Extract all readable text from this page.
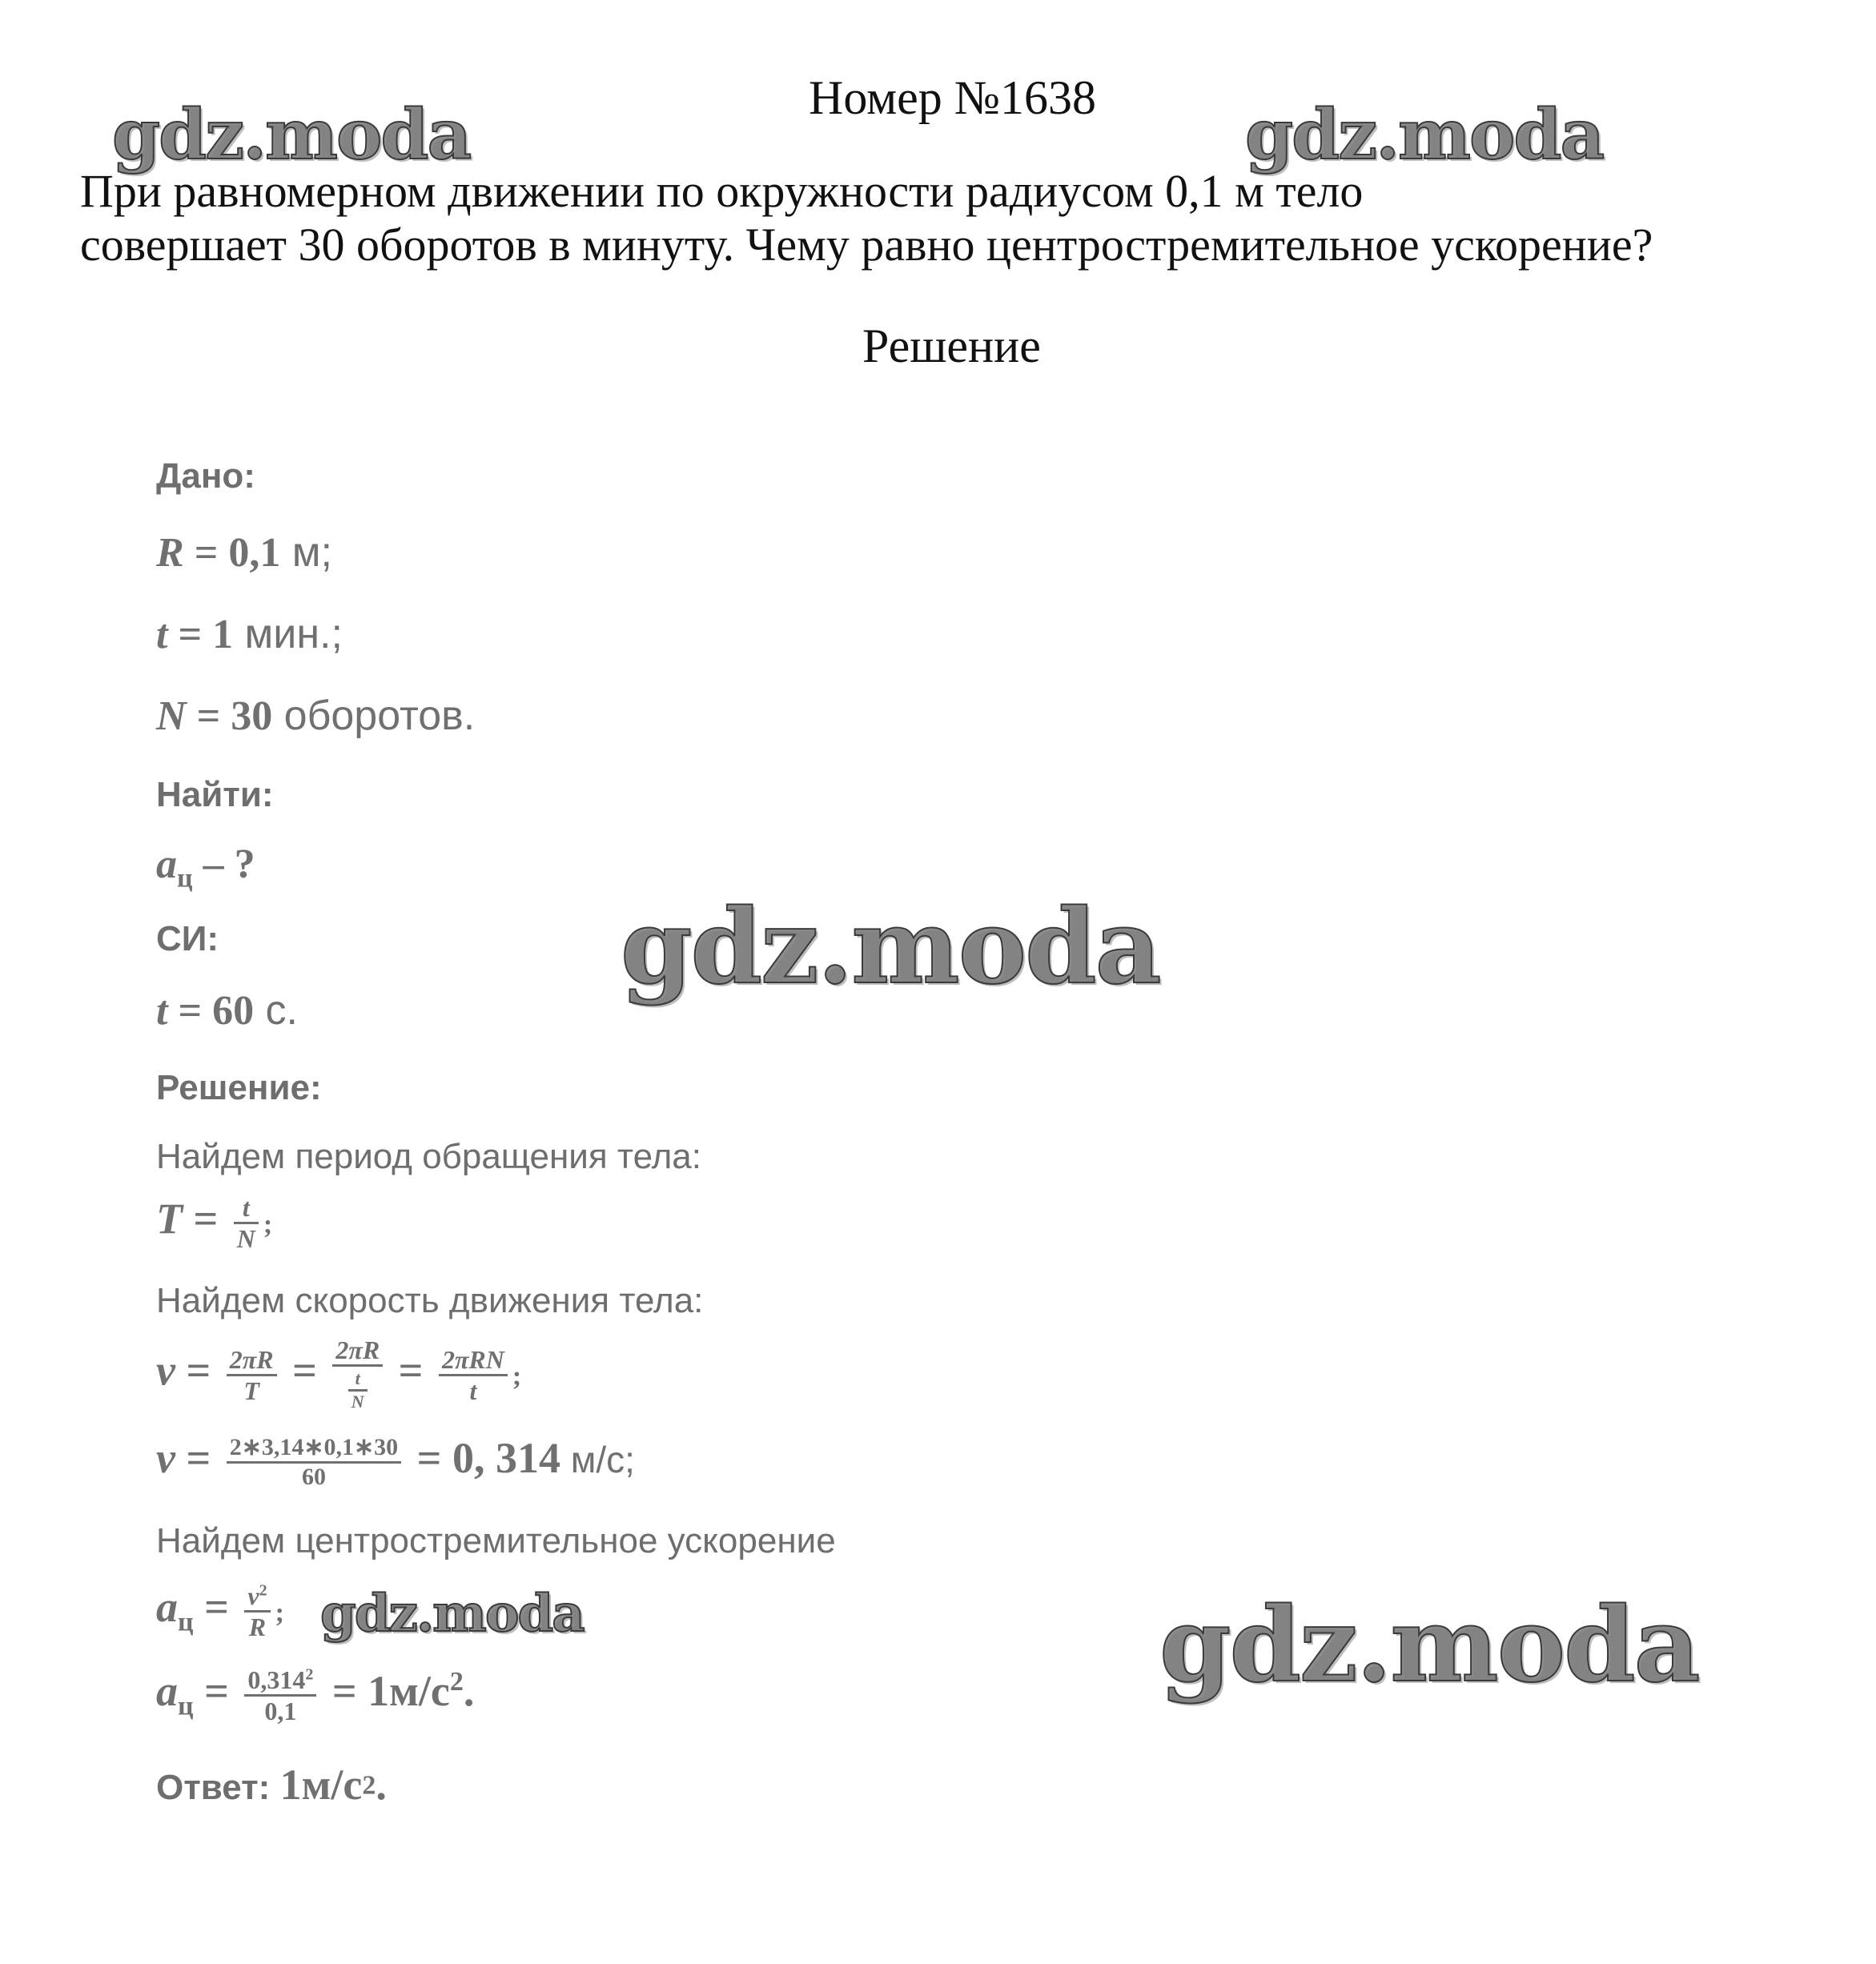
Номер №1638
При равномерном движении по окружности радиусом 0,1 м тело
совершает 30 оборотов в минуту. Чему равно центростремительное ускорение?
Решение
Дано:
R = 0,1 м;
t = 1 мин.;
N = 30 оборотов.
Найти:
$a_ц$ – ?
СИ:
t = 60 с.
Решение:
Найдем период обращения тела:
$T = \frac{t}{N}$ ;
Найдем скорость движения тела:
$v = \frac{2\pi R}{T} = \frac{2\pi R}{\frac{t}{N}} = \frac{\text{2πRN}}{t}$ ;
$v = \frac{2∗3,14∗0,1∗30}{60} = 0$, 314 м/с;
Найдем центростремительное ускорение
$a_ц = \frac{v^2}{R}$ ;
$a_ц = \frac{0,314^2}{0,1} = 1м/с^2$.
Ответ: $1м/с^2$.
gdz.moda	gdz.moda
gdz.moda
gdz.moda	gdz.moda
